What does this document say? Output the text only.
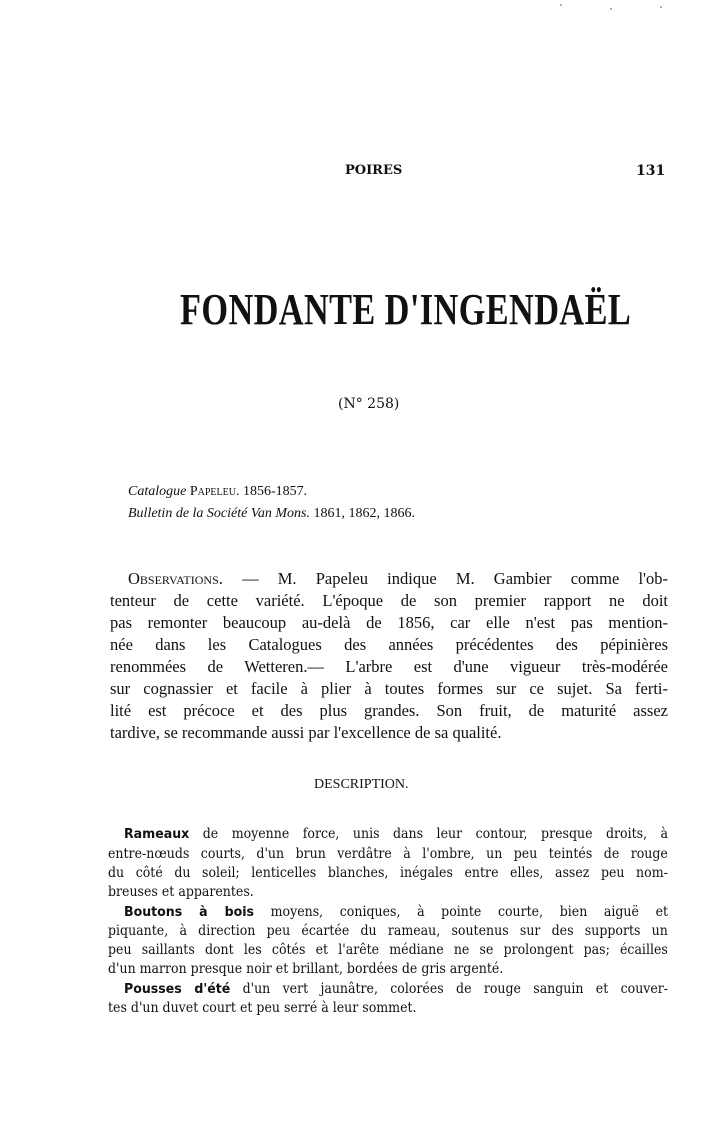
POIRES	131
FONDANTE D'INGENDAËL
(N° 258)
Catalogue Papeleu. 1856-1857.
Bulletin de la Société Van Mons. 1861, 1862, 1866.
Observations. — M. Papeleu indique M. Gambier comme l'ob-
tenteur de cette variété. L'époque de son premier rapport ne doit
pas remonter beaucoup au-delà de 1856, car elle n'est pas mention-
née dans les Catalogues des années précédentes des pépinières
renommées de Wetteren.— L'arbre est d'une vigueur très-modérée
sur cognassier et facile à plier à toutes formes sur ce sujet. Sa ferti-
lité est précoce et des plus grandes. Son fruit, de maturité assez
tardive, se recommande aussi par l'excellence de sa qualité.
DESCRIPTION.
Rameaux de moyenne force, unis dans leur contour, presque droits, à
entre-nœuds courts, d'un brun verdâtre à l'ombre, un peu teintés de rouge
du côté du soleil; lenticelles blanches, inégales entre elles, assez peu nom-
breuses et apparentes.
Boutons à bois moyens, coniques, à pointe courte, bien aiguë et
piquante, à direction peu écartée du rameau, soutenus sur des supports un
peu saillants dont les côtés et l'arête médiane ne se prolongent pas; écailles
d'un marron presque noir et brillant, bordées de gris argenté.
Pousses d'été d'un vert jaunâtre, colorées de rouge sanguin et couver-
tes d'un duvet court et peu serré à leur sommet.
